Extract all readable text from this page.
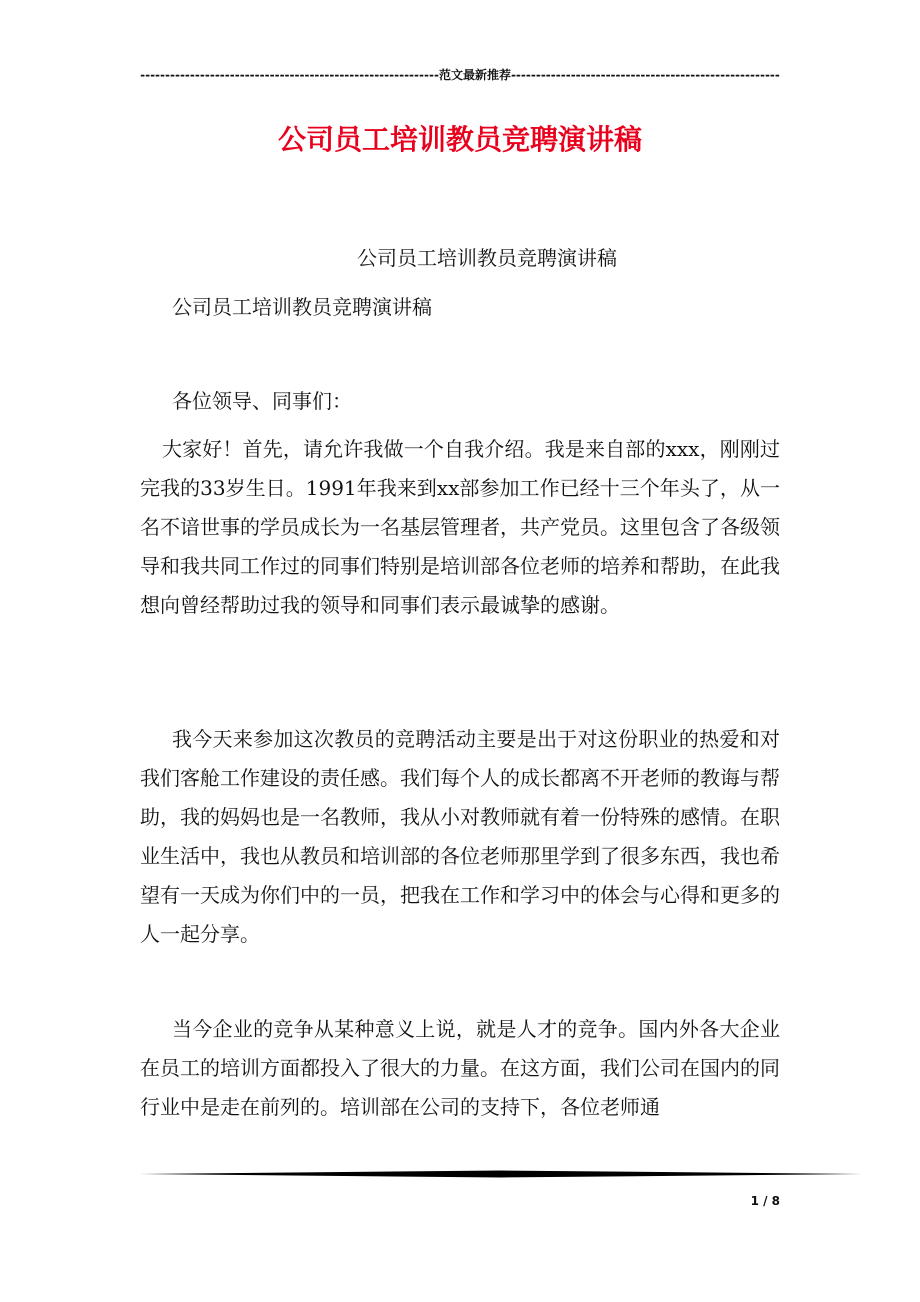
------------------------------------------------------------范文最新推荐------------------------------------------------------
公司员工培训教员竞聘演讲稿
公司员工培训教员竞聘演讲稿

公司员工培训教员竞聘演讲稿

各位领导、同事们：

大家好！首先，请允许我做一个自我介绍。我是来自部的xxx，刚刚过完我的33岁生日。1991年我来到xx部参加工作已经十三个年头了，从一名不谙世事的学员成长为一名基层管理者，共产党员。这里包含了各级领导和我共同工作过的同事们特别是培训部各位老师的培养和帮助，在此我想向曾经帮助过我的领导和同事们表示最诚挚的感谢。

我今天来参加这次教员的竞聘活动主要是出于对这份职业的热爱和对我们客舱工作建设的责任感。我们每个人的成长都离不开老师的教诲与帮助，我的妈妈也是一名教师，我从小对教师就有着一份特殊的感情。在职业生活中，我也从教员和培训部的各位老师那里学到了很多东西，我也希望有一天成为你们中的一员，把我在工作和学习中的体会与心得和更多的人一起分享。

当今企业的竞争从某种意义上说，就是人才的竞争。国内外各大企业在员工的培训方面都投入了很大的力量。在这方面，我们公司在国内的同行业中是走在前列的。培训部在公司的支持下，各位老师通

1 / 8
